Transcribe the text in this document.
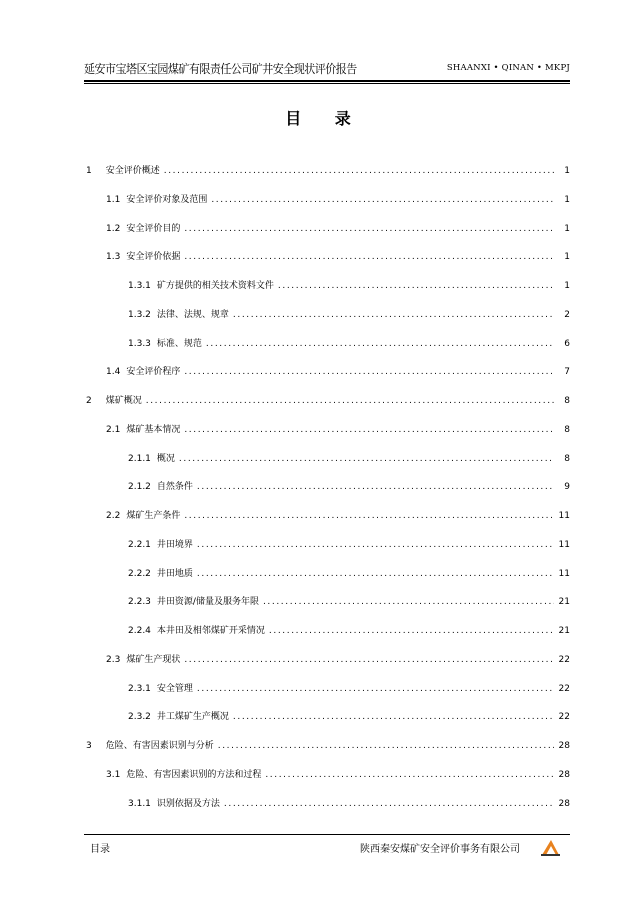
延安市宝塔区宝园煤矿有限责任公司矿井安全现状评价报告	SHAANXI • QINAN • MKPJ
目 录
1 安全评价概述 .....	1
1.1 安全评价对象及范围 .....	1
1.2 安全评价目的 .....	1
1.3 安全评价依据 .....	1
1.3.1 矿方提供的相关技术资料文件 .....	1
1.3.2 法律、法规、规章 .....	2
1.3.3 标准、规范 .....	6
1.4 安全评价程序 .....	7
2 煤矿概况 .....	8
2.1 煤矿基本情况 .....	8
2.1.1 概况 .....	8
2.1.2 自然条件 .....	9
2.2 煤矿生产条件 .....	11
2.2.1 井田境界 .....	11
2.2.2 井田地质 .....	11
2.2.3 井田资源/储量及服务年限 .....	21
2.2.4 本井田及相邻煤矿开采情况 .....	21
2.3 煤矿生产现状 .....	22
2.3.1 安全管理 .....	22
2.3.2 井工煤矿生产概况 .....	22
3 危险、有害因素识别与分析 .....	28
3.1 危险、有害因素识别的方法和过程 .....	28
3.1.1 识别依据及方法 .....	28
目录	陕西秦安煤矿安全评价事务有限公司
